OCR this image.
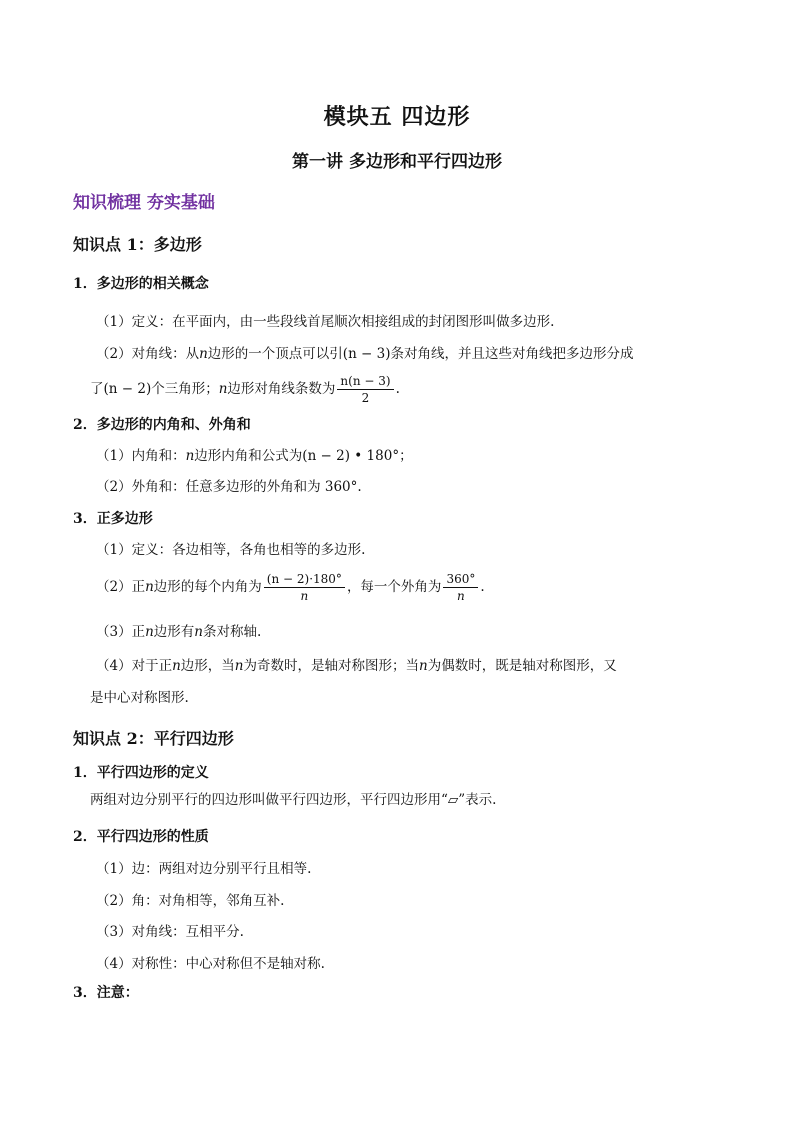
模块五 四边形
第一讲 多边形和平行四边形
知识梳理 夯实基础
知识点 1：多边形
1．多边形的相关概念
（1）定义：在平面内，由一些段线首尾顺次相接组成的封闭图形叫做多边形.
（2）对角线：从n边形的一个顶点可以引(n − 3)条对角线，并且这些对角线把多边形分成
了(n − 2)个三角形；n边形对角线条数为 $\frac{n(n - 3)}{2}$ .
2．多边形的内角和、外角和
（1）内角和：n边形内角和公式为(n − 2) • 180°；
（2）外角和：任意多边形的外角和为 360°.
3．正多边形
（1）定义：各边相等，各角也相等的多边形.
（2）正n边形的每个内角为 $\frac{(n - 2)\cdot 180^\circ}{n}$ ，每一个外角为 $\frac{360^\circ}{n}$ .
（3）正n边形有n条对称轴.
（4）对于正n边形，当n为奇数时，是轴对称图形；当n为偶数时，既是轴对称图形，又
是中心对称图形.
知识点 2：平行四边形
1．平行四边形的定义
两组对边分别平行的四边形叫做平行四边形，平行四边形用“▱”表示.
2．平行四边形的性质
（1）边：两组对边分别平行且相等.
（2）角：对角相等，邻角互补.
（3）对角线：互相平分.
（4）对称性：中心对称但不是轴对称.
3．注意：
